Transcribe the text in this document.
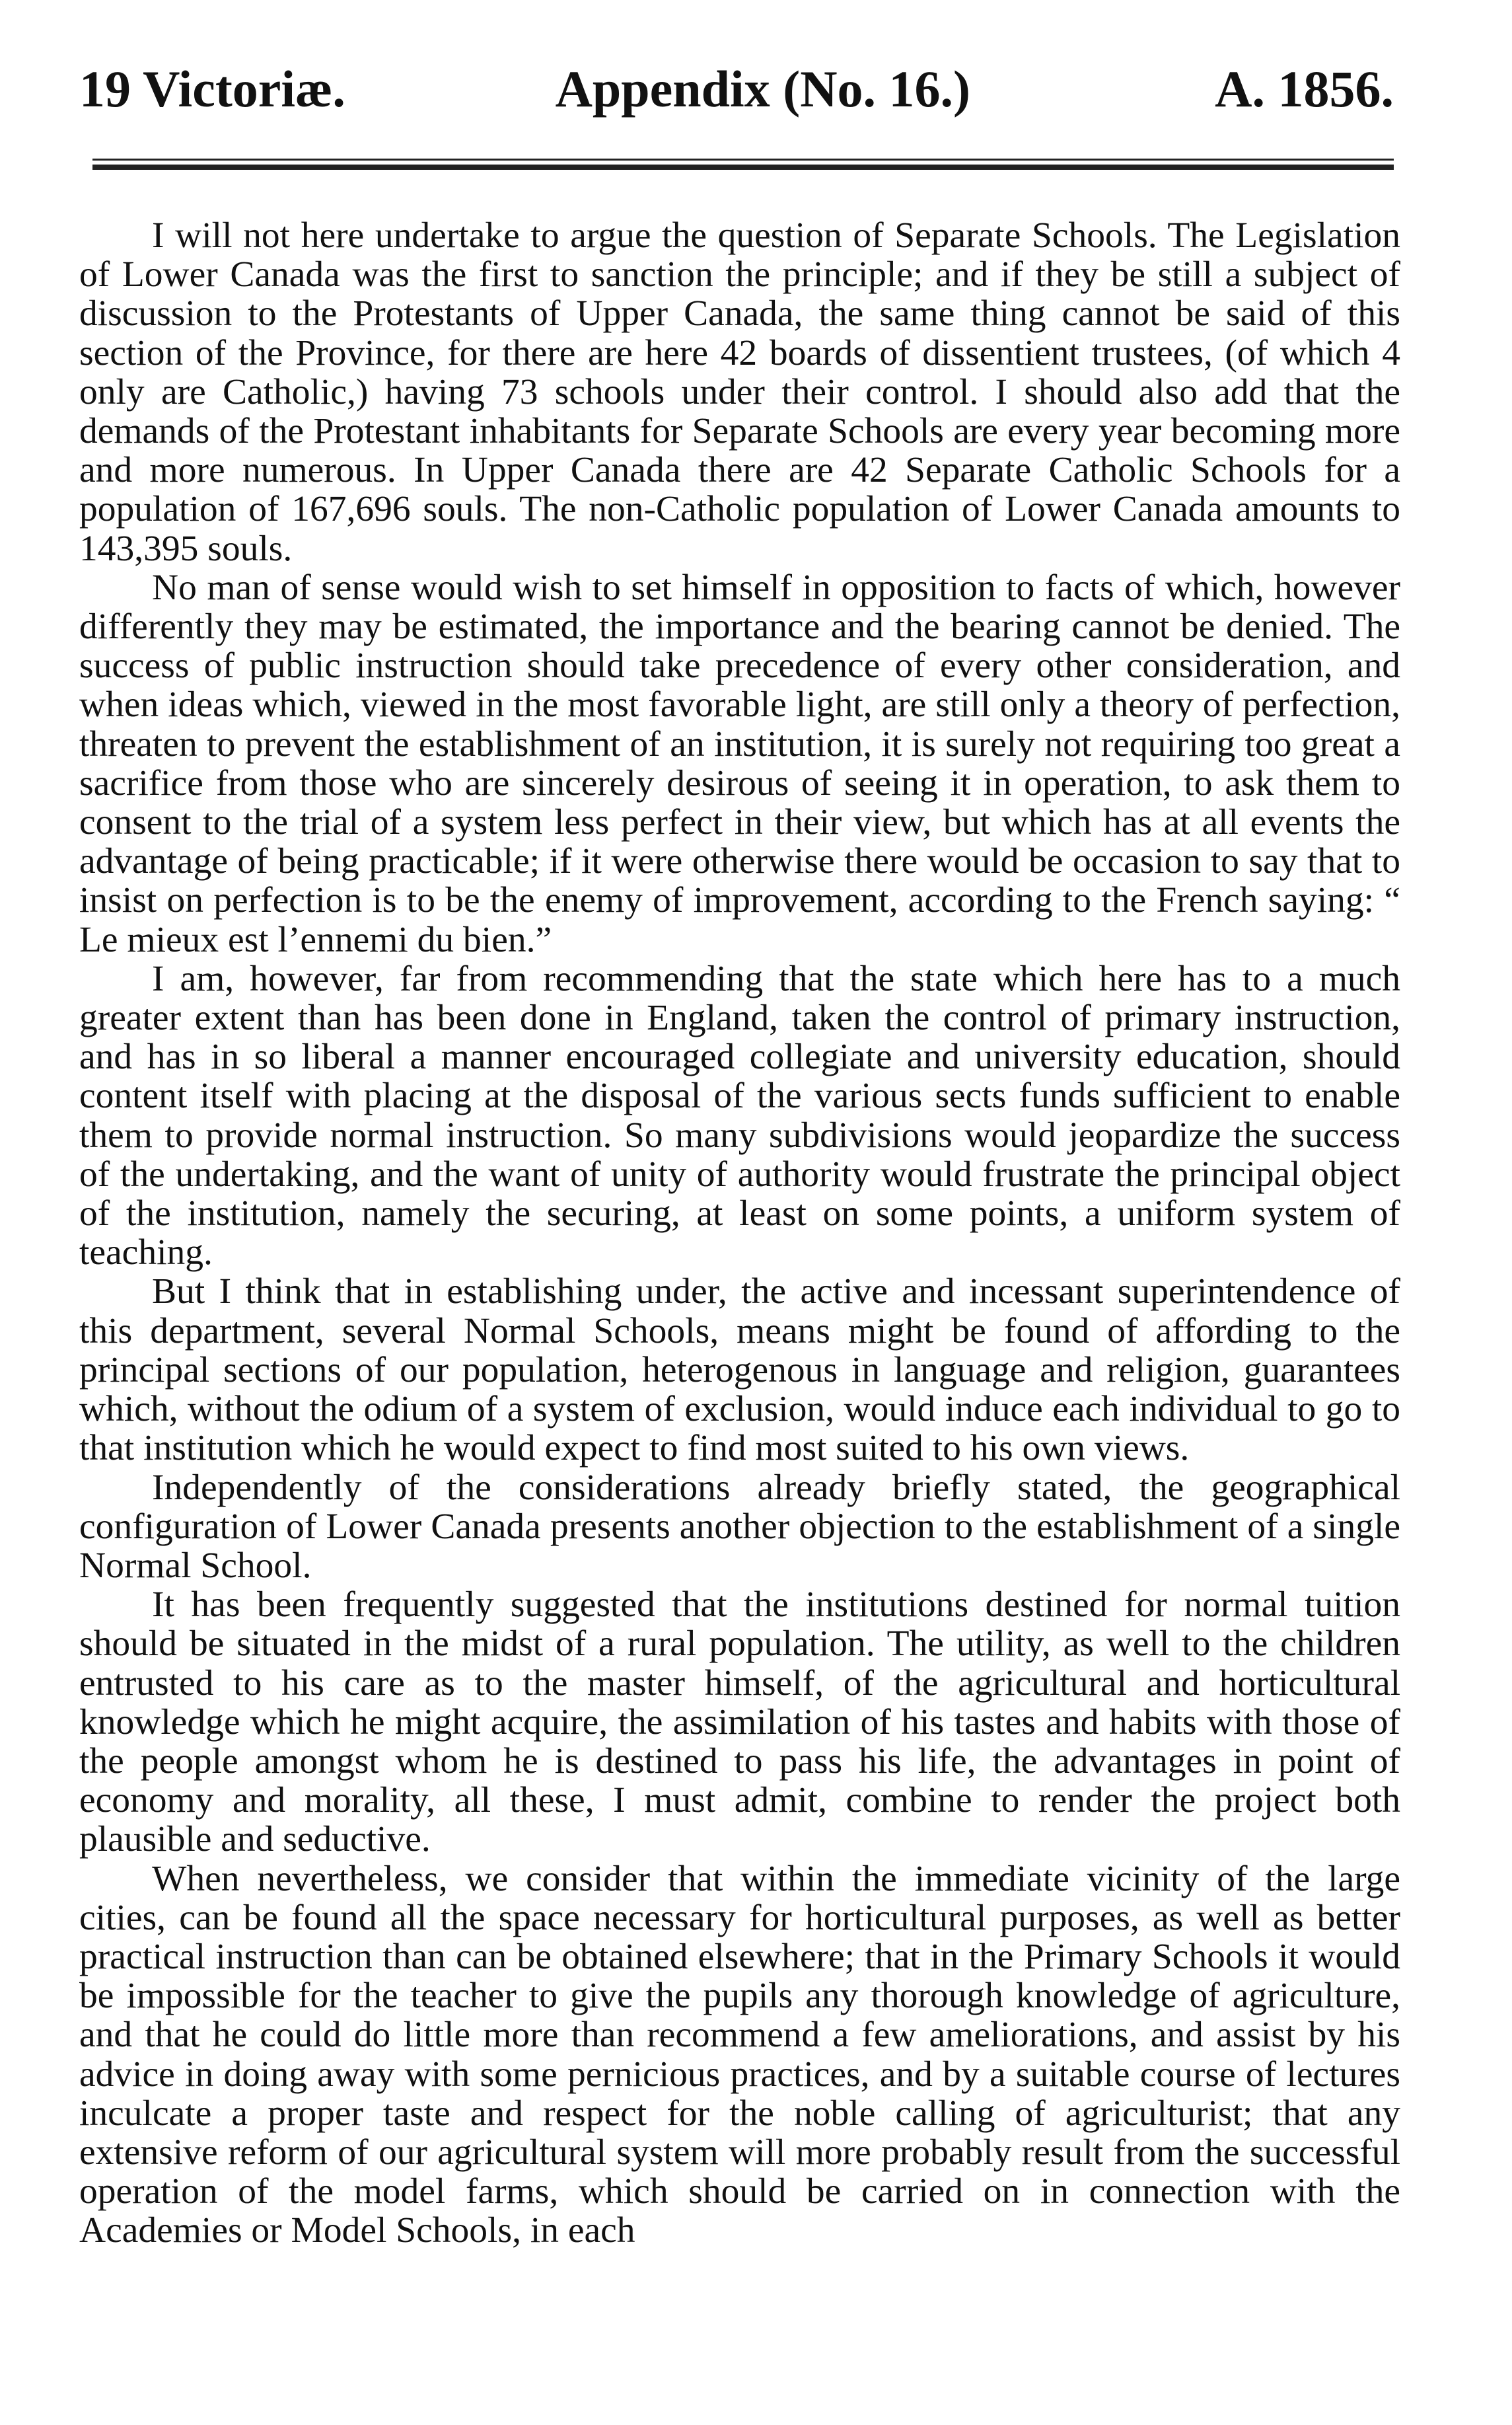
19 Victoriæ.	Appendix (No. 16.)	A. 1856.

I will not here undertake to argue the question of Separate Schools. The Legislation of Lower Canada was the first to sanction the principle; and if they be still a subject of discussion to the Protestants of Upper Canada, the same thing cannot be said of this section of the Province, for there are here 42 boards of dissentient trustees, (of which 4 only are Catholic,) having 73 schools under their control. I should also add that the demands of the Protestant inhabitants for Separate Schools are every year becoming more and more numerous. In Upper Canada there are 42 Separate Catholic Schools for a population of 167,696 souls. The non-Catholic population of Lower Canada amounts to 143,395 souls.

No man of sense would wish to set himself in opposition to facts of which, however differently they may be estimated, the importance and the bearing cannot be denied. The success of public instruction should take precedence of every other consideration, and when ideas which, viewed in the most favorable light, are still only a theory of perfection, threaten to prevent the establishment of an institution, it is surely not requiring too great a sacrifice from those who are sincerely desirous of seeing it in operation, to ask them to consent to the trial of a system less perfect in their view, but which has at all events the advantage of being practicable; if it were otherwise there would be occasion to say that to insist on perfection is to be the enemy of improvement, according to the French saying: “ Le mieux est l’ennemi du bien.”

I am, however, far from recommending that the state which here has to a much greater extent than has been done in England, taken the control of primary instruction, and has in so liberal a manner encouraged collegiate and university education, should content itself with placing at the disposal of the various sects funds sufficient to enable them to provide normal instruction. So many subdivisions would jeopardize the success of the undertaking, and the want of unity of authority would frustrate the principal object of the institution, namely the securing, at least on some points, a uniform system of teaching.

But I think that in establishing under, the active and incessant superintendence of this department, several Normal Schools, means might be found of affording to the principal sections of our population, heterogenous in language and religion, guarantees which, without the odium of a system of exclusion, would induce each individual to go to that institution which he would expect to find most suited to his own views.

Independently of the considerations already briefly stated, the geographical configuration of Lower Canada presents another objection to the establishment of a single Normal School.

It has been frequently suggested that the institutions destined for normal tuition should be situated in the midst of a rural population. The utility, as well to the children entrusted to his care as to the master himself, of the agricultural and horticultural knowledge which he might acquire, the assimilation of his tastes and habits with those of the people amongst whom he is destined to pass his life, the advantages in point of economy and morality, all these, I must admit, combine to render the project both plausible and seductive.

When nevertheless, we consider that within the immediate vicinity of the large cities, can be found all the space necessary for horticultural purposes, as well as better practical instruction than can be obtained elsewhere; that in the Primary Schools it would be impossible for the teacher to give the pupils any thorough knowledge of agriculture, and that he could do little more than recommend a few ameliorations, and assist by his advice in doing away with some pernicious practices, and by a suitable course of lectures inculcate a proper taste and respect for the noble calling of agriculturist; that any extensive reform of our agricultural system will more probably result from the successful operation of the model farms, which should be carried on in connection with the Academies or Model Schools, in each
